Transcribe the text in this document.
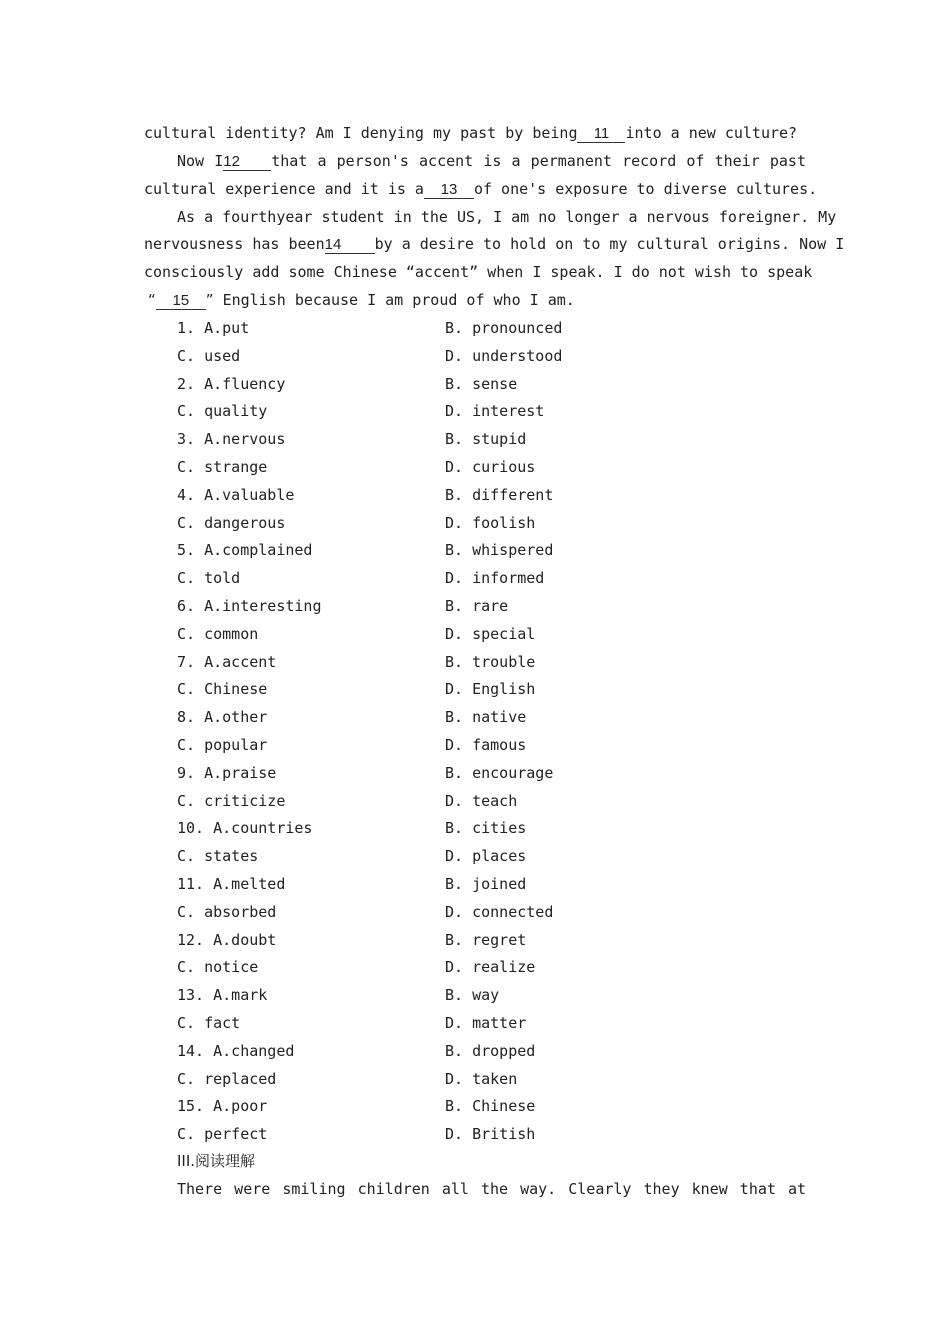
cultural identity? Am I denying my past by being 11 into a new culture?
Now I12 that a person's accent is a permanent record of their past
cultural experience and it is a 13 of one's exposure to diverse cultures.
As a fourthyear student in the US, I am no longer a nervous foreigner. My
nervousness has been14 by a desire to hold on to my cultural origins. Now I
consciously add some Chinese “accent” when I speak. I do not wish to speak
“ 15 ” English because I am proud of who I am.
1. A.put	B. pronounced
C. used	D. understood
2. A.fluency	B. sense
C. quality	D. interest
3. A.nervous	B. stupid
C. strange	D. curious
4. A.valuable	B. different
C. dangerous	D. foolish
5. A.complained	B. whispered
C. told	D. informed
6. A.interesting	B. rare
C. common	D. special
7. A.accent	B. trouble
C. Chinese	D. English
8. A.other	B. native
C. popular	D. famous
9. A.praise	B. encourage
C. criticize	D. teach
10. A.countries	B. cities
C. states	D. places
11. A.melted	B. joined
C. absorbed	D. connected
12. A.doubt	B. regret
C. notice	D. realize
13. A.mark	B. way
C. fact	D. matter
14. A.changed	B. dropped
C. replaced	D. taken
15. A.poor	B. Chinese
C. perfect	D. British
III.阅读理解
There were smiling children all the way. Clearly they knew that at
